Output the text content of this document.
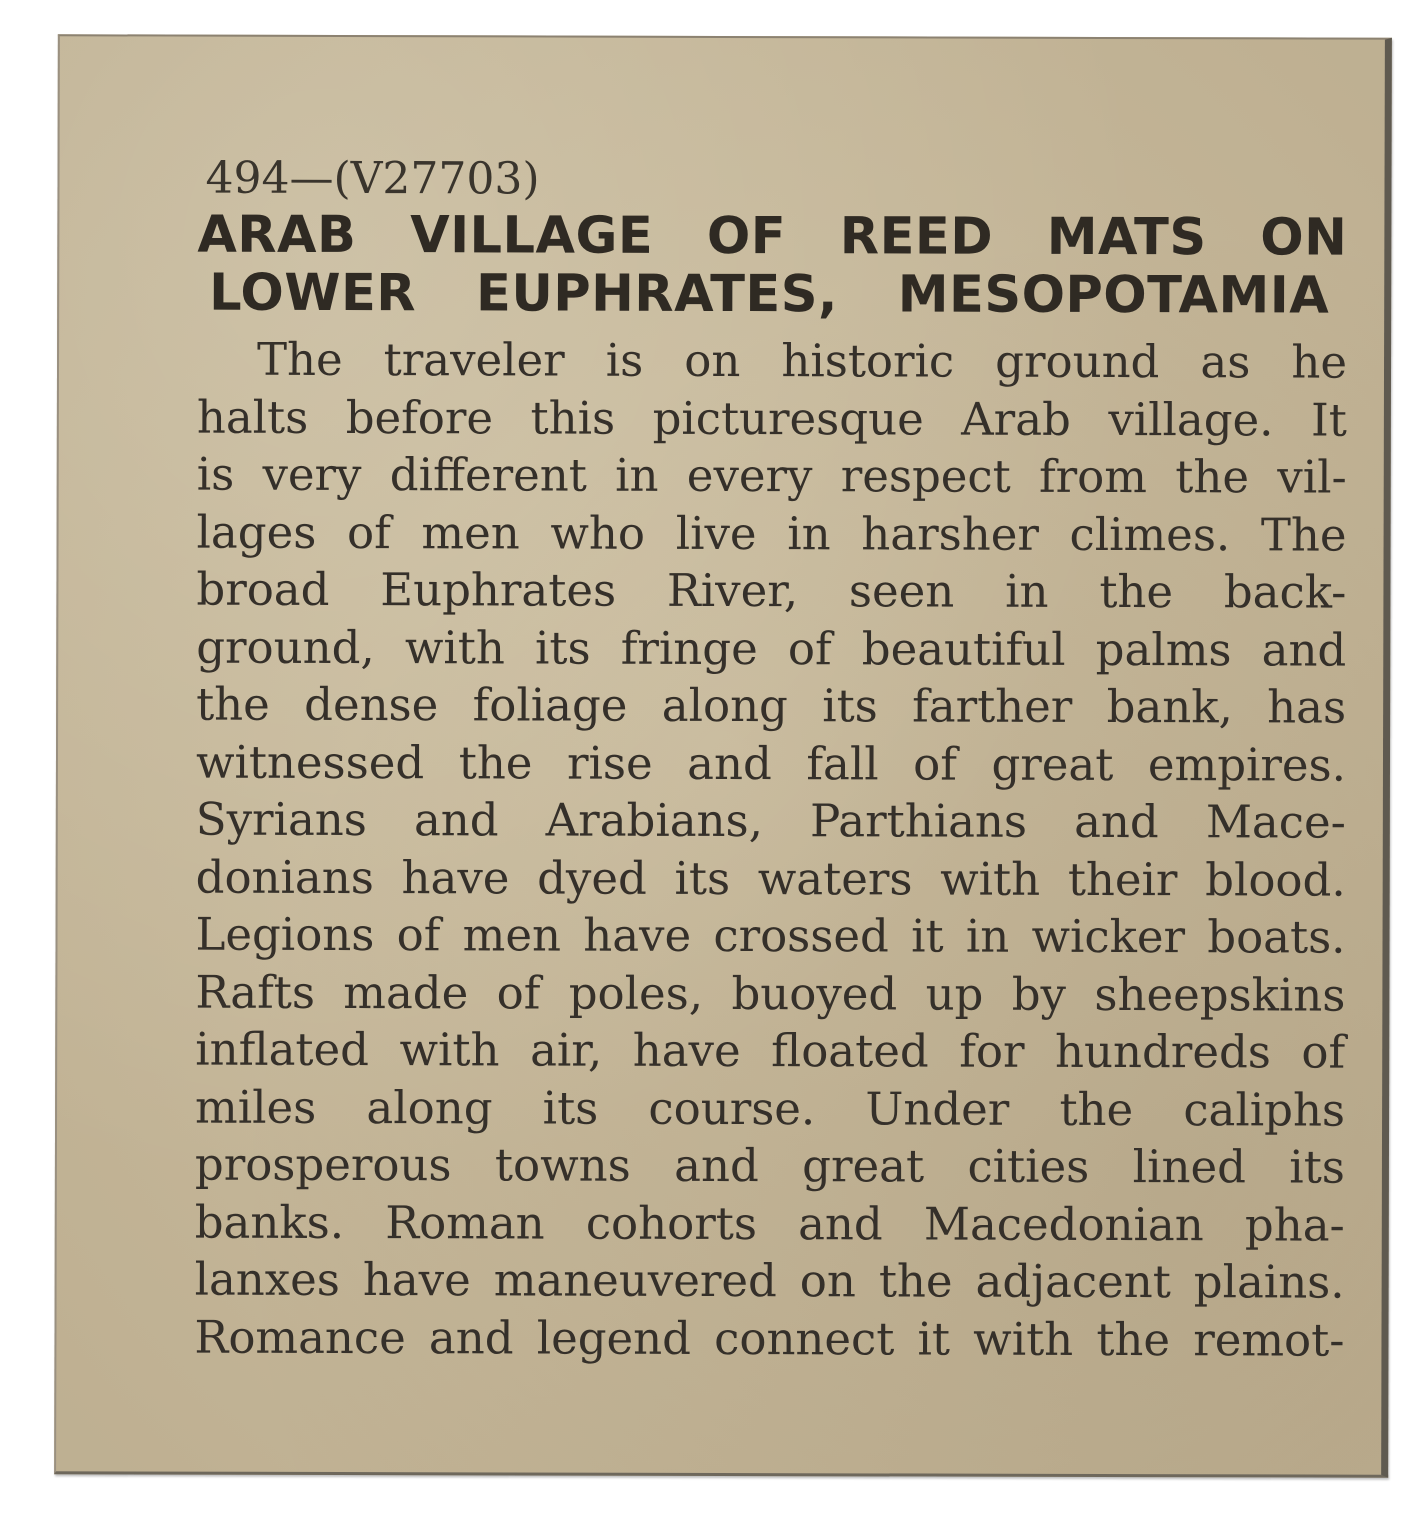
494—(V27703)
ARAB VILLAGE OF REED MATS ON
LOWER EUPHRATES, MESOPOTAMIA
The traveler is on historic ground as he
halts before this picturesque Arab village. It
is very different in every respect from the vil-
lages of men who live in harsher climes. The
broad Euphrates River, seen in the back-
ground, with its fringe of beautiful palms and
the dense foliage along its farther bank, has
witnessed the rise and fall of great empires.
Syrians and Arabians, Parthians and Mace-
donians have dyed its waters with their blood.
Legions of men have crossed it in wicker boats.
Rafts made of poles, buoyed up by sheepskins
inflated with air, have floated for hundreds of
miles along its course. Under the caliphs
prosperous towns and great cities lined its
banks. Roman cohorts and Macedonian pha-
lanxes have maneuvered on the adjacent plains.
Romance and legend connect it with the remot-
